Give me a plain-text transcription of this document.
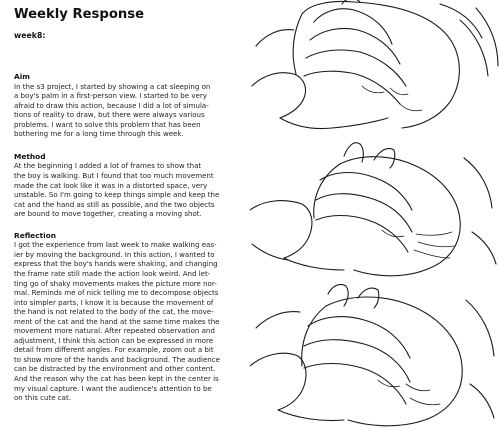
Weekly Response
week8:
Aim

In the s3 project, I started by showing a cat sleeping on
a boy's palm in a first-person view. I started to be very
afraid to draw this action, because I did a lot of simula-
tions of reality to draw, but there were always various
problems. I want to solve this problem that has been
bothering me for a long time through this week.

Method

At the beginning I added a lot of frames to show that
the boy is walking. But I found that too much movement
made the cat look like it was in a distorted space, very
unstable. So I'm going to keep things simple and keep the
cat and the hand as still as possible, and the two objects
are bound to move together, creating a moving shot.

Reflection

I got the experience from last week to make walking eas-
ier by moving the background. In this action, I wanted to
express that the boy's hands were shaking, and changing
the frame rate still made the action look weird. And let-
ting go of shaky movements makes the picture more nor-
mal. Reminds me of nick telling me to decompose objects
into simpler parts, I know it is because the movement of
the hand is not related to the body of the cat, the move-
ment of the cat and the hand at the same time makes the
movement more natural. After repeated observation and
adjustment, I think this action can be expressed in more
detail from different angles. For example, zoom out a bit
to show more of the hands and background. The audience
can be distracted by the environment and other content.
And the reason why the cat has been kept in the center is
my visual capture. I want the audience's attention to be
on this cute cat.
